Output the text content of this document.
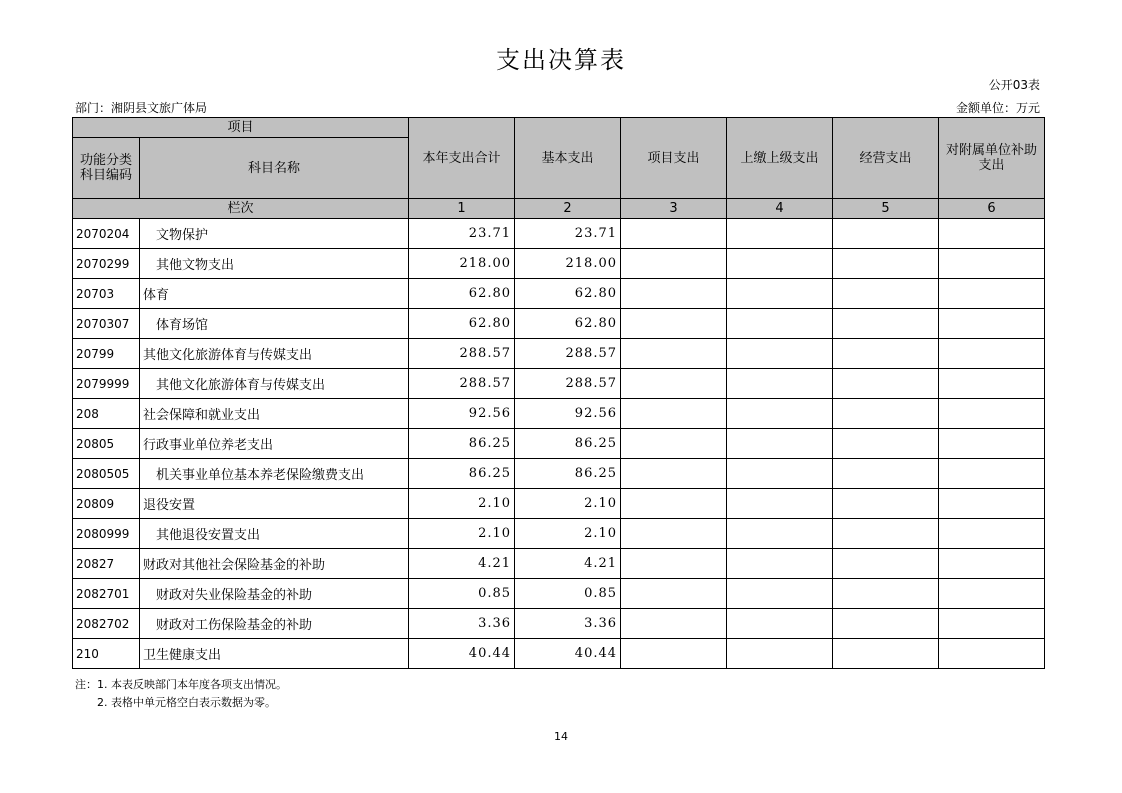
支出决算表
公开03表
部门：湘阴县文旅广体局	金额单位：万元
项目		本年支出合计	基本支出	项目支出	上缴上级支出	经营支出	对附属单位补助支出
功能分类科目编码	科目名称						
栏次		1	2	3	4	5	6
2070204	文物保护	23.71	23.71				
2070299	其他文物支出	218.00	218.00				
20703	体育	62.80	62.80				
2070307	体育场馆	62.80	62.80				
20799	其他文化旅游体育与传媒支出	288.57	288.57				
2079999	其他文化旅游体育与传媒支出	288.57	288.57				
208	社会保障和就业支出	92.56	92.56				
20805	行政事业单位养老支出	86.25	86.25				
2080505	机关事业单位基本养老保险缴费支出	86.25	86.25				
20809	退役安置	2.10	2.10				
2080999	其他退役安置支出	2.10	2.10				
20827	财政对其他社会保险基金的补助	4.21	4.21				
2082701	财政对失业保险基金的补助	0.85	0.85				
2082702	财政对工伤保险基金的补助	3.36	3.36				
210	卫生健康支出	40.44	40.44				
注：1. 本表反映部门本年度各项支出情况。
2. 表格中单元格空白表示数据为零。
14
